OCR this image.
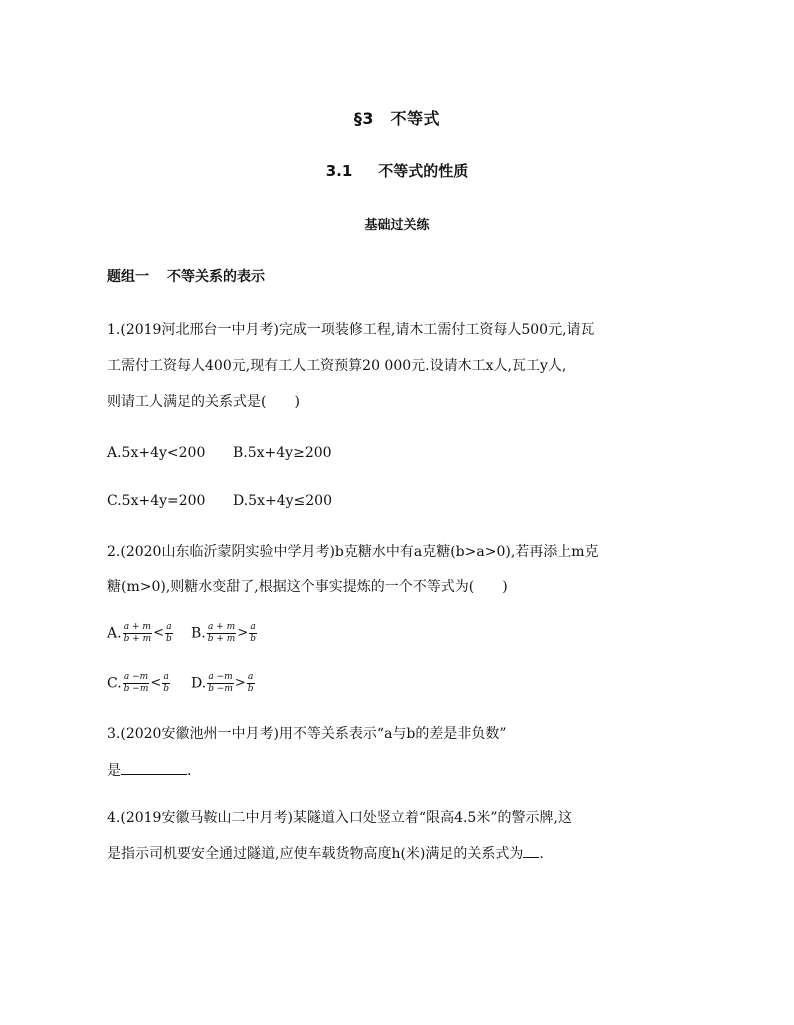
§3　不等式
3.1 不等式的性质
基础过关练
题组一 不等关系的表示
1.(2019河北邢台一中月考)完成一项装修工程,请木工需付工资每人500元,请瓦
工需付工资每人400元,现有工人工资预算20 000元.设请木工x人,瓦工y人,
则请工人满足的关系式是(　　)
A.5x+4y<200 B.5x+4y≥200
C.5x+4y=200 D.5x+4y≤200
2.(2020山东临沂蒙阴实验中学月考)b克糖水中有a克糖(b>a>0),若再添上m克
糖(m>0),则糖水变甜了,根据这个事实提炼的一个不等式为(　　)
A. $\frac{a + m}{b + m} < \frac{a}{b} B$. $\frac{a + m}{b + m} > \frac{a}{b}$
C. $\frac{a -m}{b -m} < \frac{a}{b} D$. $\frac{a -m}{b -m} > \frac{a}{b}$
3.(2020安徽池州一中月考)用不等关系表示“a与b的差是非负数”
是	.
4.(2019安徽马鞍山二中月考)某隧道入口处竖立着“限高4.5米”的警示牌,这
是指示司机要安全通过隧道,应使车载货物高度h(米)满足的关系式为 .
